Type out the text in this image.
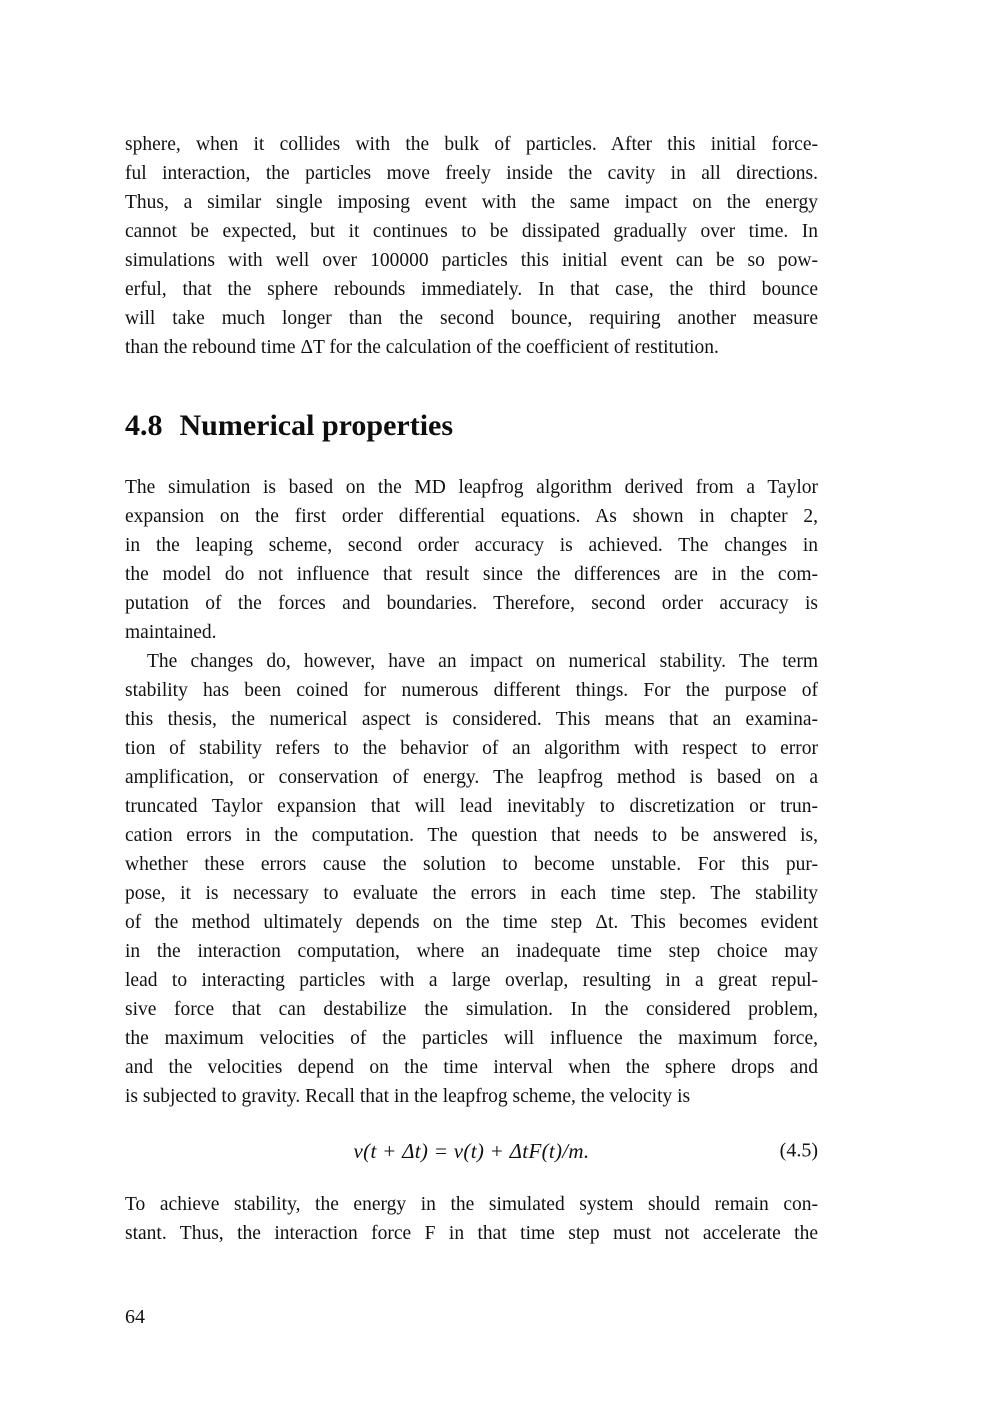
sphere, when it collides with the bulk of particles. After this initial force-
ful interaction, the particles move freely inside the cavity in all directions.
Thus, a similar single imposing event with the same impact on the energy
cannot be expected, but it continues to be dissipated gradually over time. In
simulations with well over 100000 particles this initial event can be so pow-
erful, that the sphere rebounds immediately. In that case, the third bounce
will take much longer than the second bounce, requiring another measure
than the rebound time ΔT for the calculation of the coefficient of restitution.
4.8 Numerical properties
The simulation is based on the MD leapfrog algorithm derived from a Taylor
expansion on the first order differential equations. As shown in chapter 2,
in the leaping scheme, second order accuracy is achieved. The changes in
the model do not influence that result since the differences are in the com-
putation of the forces and boundaries. Therefore, second order accuracy is
maintained.
The changes do, however, have an impact on numerical stability. The term
stability has been coined for numerous different things. For the purpose of
this thesis, the numerical aspect is considered. This means that an examina-
tion of stability refers to the behavior of an algorithm with respect to error
amplification, or conservation of energy. The leapfrog method is based on a
truncated Taylor expansion that will lead inevitably to discretization or trun-
cation errors in the computation. The question that needs to be answered is,
whether these errors cause the solution to become unstable. For this pur-
pose, it is necessary to evaluate the errors in each time step. The stability
of the method ultimately depends on the time step Δt. This becomes evident
in the interaction computation, where an inadequate time step choice may
lead to interacting particles with a large overlap, resulting in a great repul-
sive force that can destabilize the simulation. In the considered problem,
the maximum velocities of the particles will influence the maximum force,
and the velocities depend on the time interval when the sphere drops and
is subjected to gravity. Recall that in the leapfrog scheme, the velocity is
v(t + Δt) = v(t) + ΔtF(t)/m.	(4.5)
To achieve stability, the energy in the simulated system should remain con-
stant. Thus, the interaction force F in that time step must not accelerate the
64
